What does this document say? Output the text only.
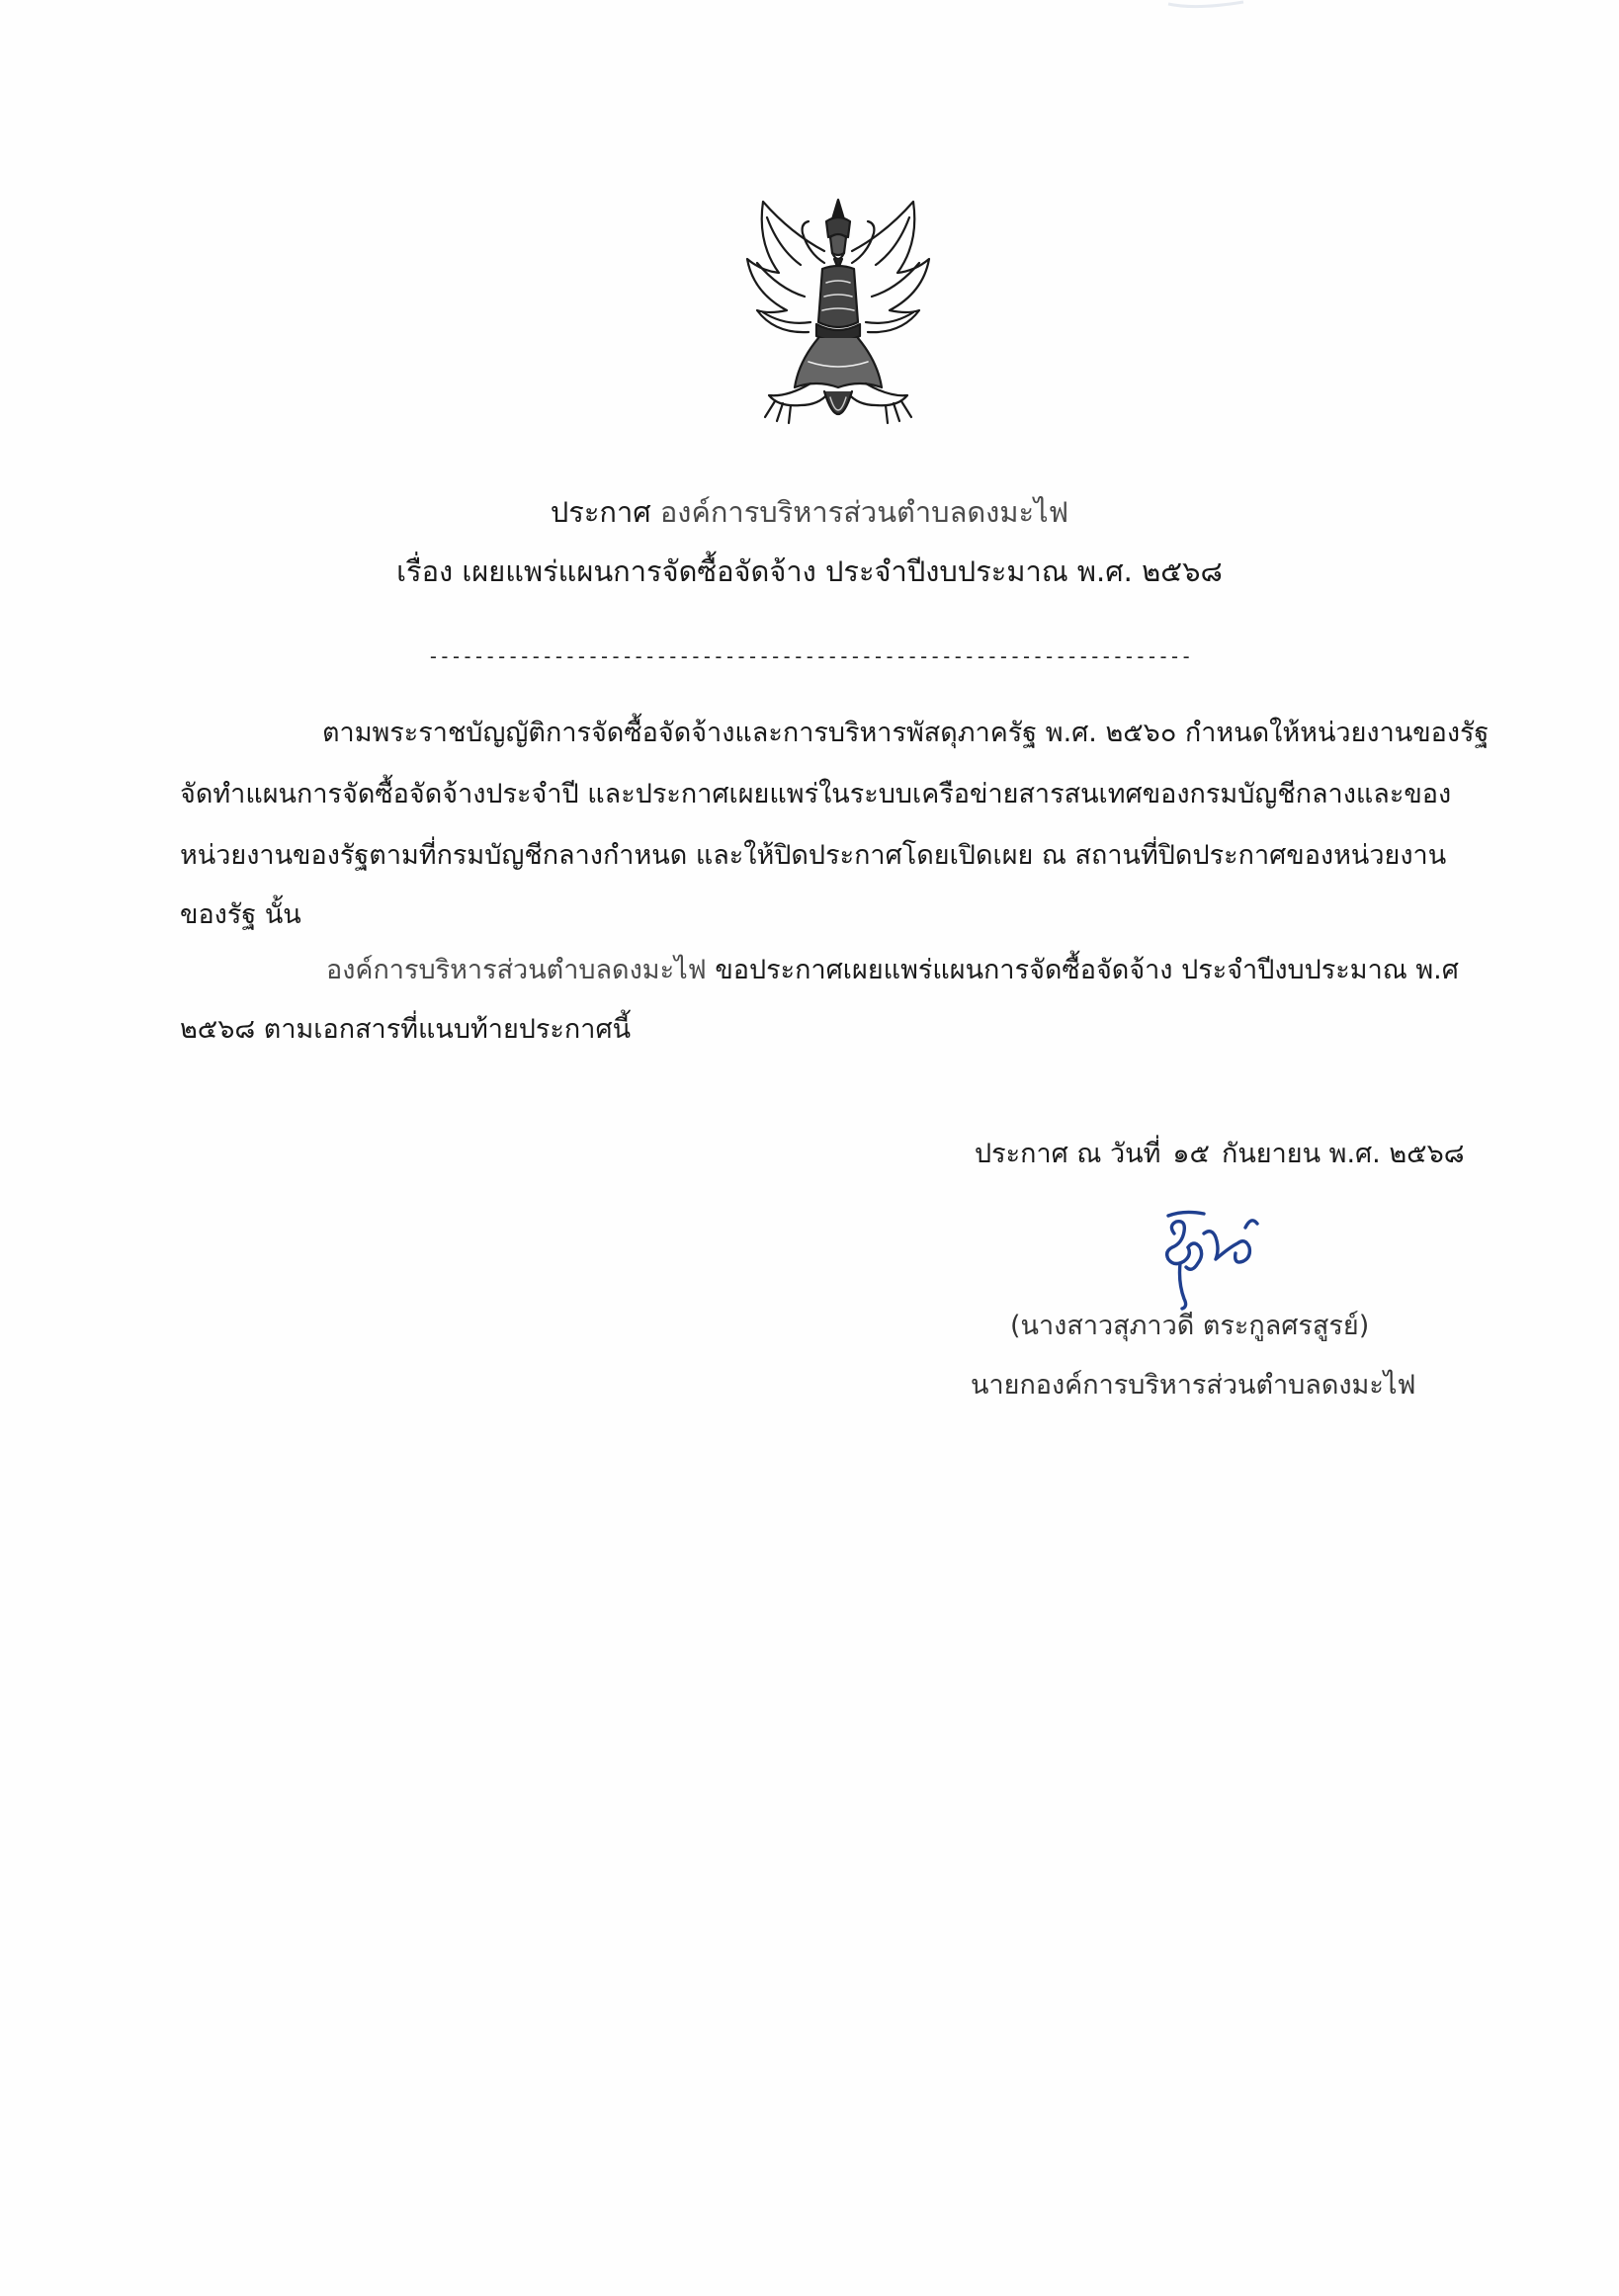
ประกาศ องค์การบริหารส่วนตำบลดงมะไฟ
เรื่อง เผยแพร่แผนการจัดซื้อจัดจ้าง ประจำปีงบประมาณ พ.ศ. ๒๕๖๘
-------------------------------------------------------------------
ตามพระราชบัญญัติการจัดซื้อจัดจ้างและการบริหารพัสดุภาครัฐ พ.ศ. ๒๕๖๐ กำหนดให้หน่วยงานของรัฐ
จัดทำแผนการจัดซื้อจัดจ้างประจำปี และประกาศเผยแพร่ในระบบเครือข่ายสารสนเทศของกรมบัญชีกลางและของ
หน่วยงานของรัฐตามที่กรมบัญชีกลางกำหนด และให้ปิดประกาศโดยเปิดเผย ณ สถานที่ปิดประกาศของหน่วยงาน
ของรัฐ นั้น
องค์การบริหารส่วนตำบลดงมะไฟ ขอประกาศเผยแพร่แผนการจัดซื้อจัดจ้าง ประจำปีงบประมาณ พ.ศ
๒๕๖๘ ตามเอกสารที่แนบท้ายประกาศนี้
ประกาศ ณ วันที่ ๑๕ กันยายน พ.ศ. ๒๕๖๘
(นางสาวสุภาวดี ตระกูลศรสูรย์)
นายกองค์การบริหารส่วนตำบลดงมะไฟ
